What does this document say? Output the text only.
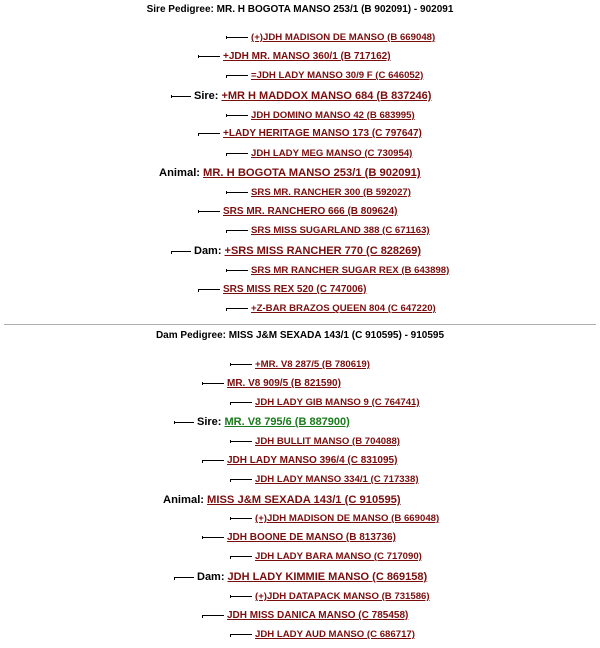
Sire Pedigree: MR. H BOGOTA MANSO 253/1 (B 902091) - 902091
(+)JDH MADISON DE MANSO (B 669048)
+JDH MR. MANSO 360/1 (B 717162)
=JDH LADY MANSO 30/9 F (C 646052)
Sire: +MR H MADDOX MANSO 684 (B 837246)
JDH DOMINO MANSO 42 (B 683995)
+LADY HERITAGE MANSO 173 (C 797647)
JDH LADY MEG MANSO (C 730954)
Animal: MR. H BOGOTA MANSO 253/1 (B 902091)
SRS MR. RANCHER 300 (B 592027)
SRS MR. RANCHERO 666 (B 809624)
SRS MISS SUGARLAND 388 (C 671163)
Dam: +SRS MISS RANCHER 770 (C 828269)
SRS MR RANCHER SUGAR REX (B 643898)
SRS MISS REX 520 (C 747006)
+Z-BAR BRAZOS QUEEN 804 (C 647220)
Dam Pedigree: MISS J&M SEXADA 143/1 (C 910595) - 910595
+MR. V8 287/5 (B 780619)
MR. V8 909/5 (B 821590)
JDH LADY GIB MANSO 9 (C 764741)
Sire: MR. V8 795/6 (B 887900)
JDH BULLIT MANSO (B 704088)
JDH LADY MANSO 396/4 (C 831095)
JDH LADY MANSO 334/1 (C 717338)
Animal: MISS J&M SEXADA 143/1 (C 910595)
(+)JDH MADISON DE MANSO (B 669048)
JDH BOONE DE MANSO (B 813736)
JDH LADY BARA MANSO (C 717090)
Dam: JDH LADY KIMMIE MANSO (C 869158)
(+)JDH DATAPACK MANSO (B 731586)
JDH MISS DANICA MANSO (C 785458)
JDH LADY AUD MANSO (C 686717)
